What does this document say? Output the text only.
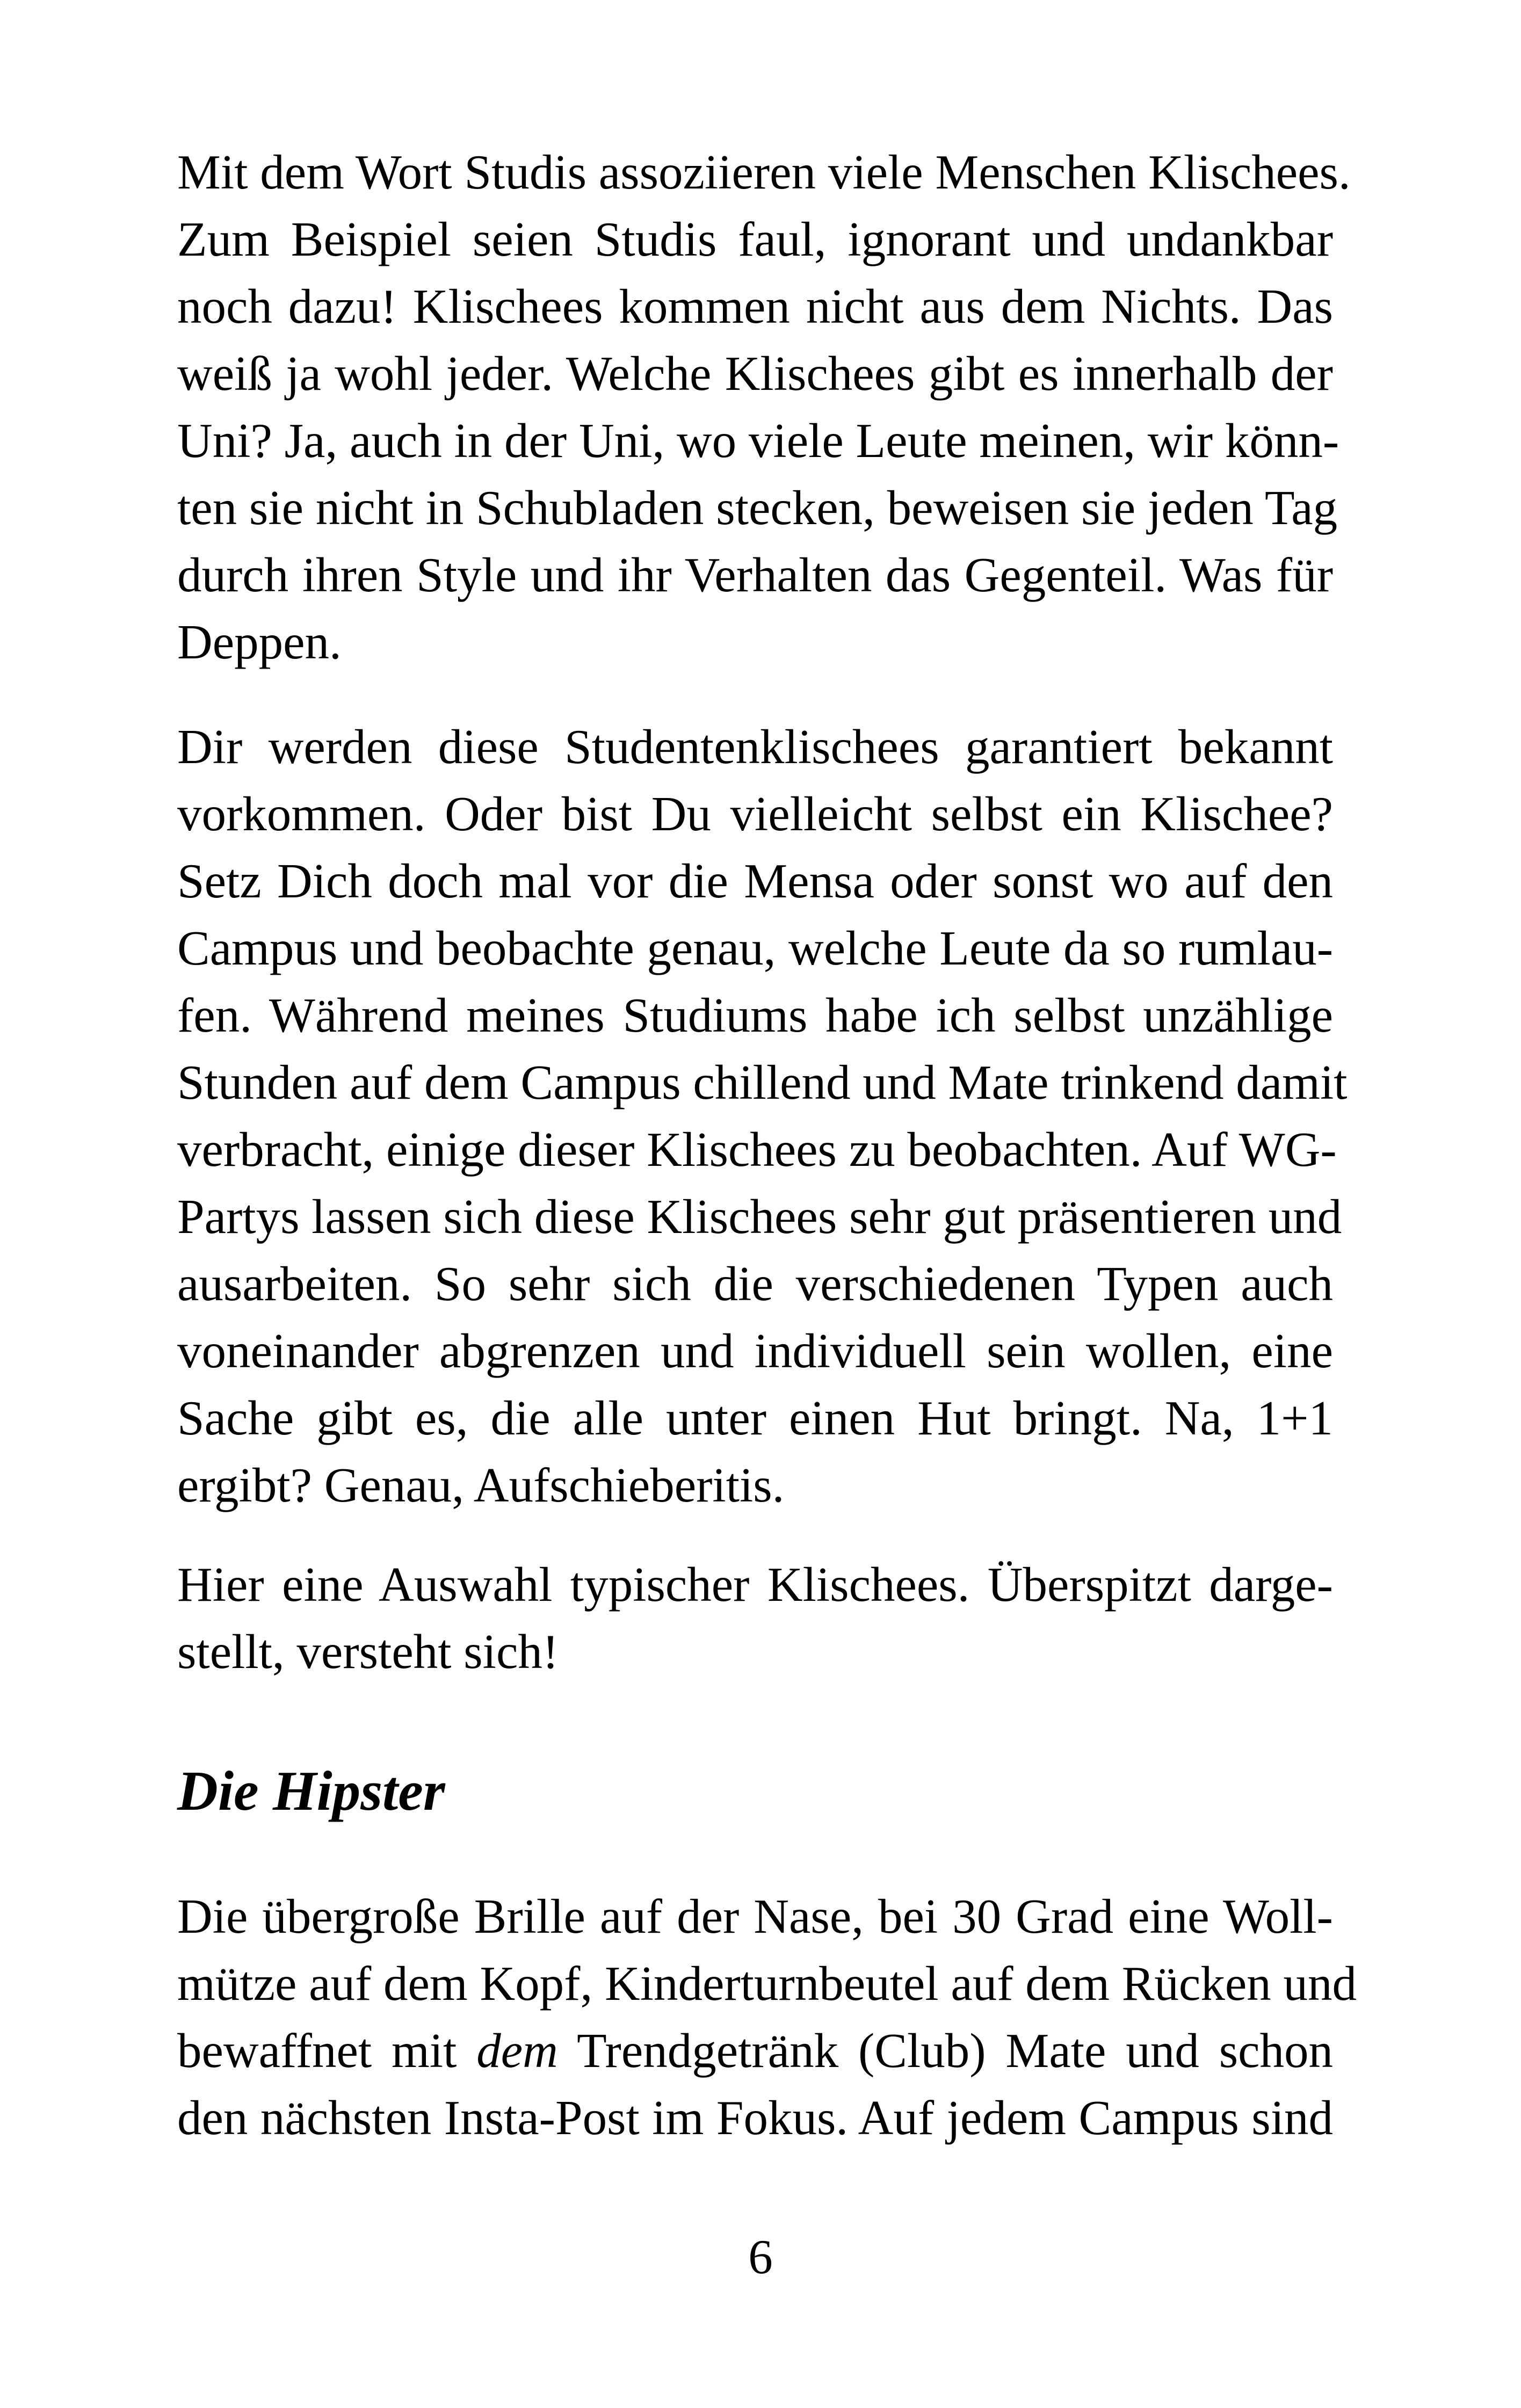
Mit dem Wort Studis assoziieren viele Menschen Klischees.
Zum Beispiel seien Studis faul, ignorant und undankbar
noch dazu! Klischees kommen nicht aus dem Nichts. Das
weiß ja wohl jeder. Welche Klischees gibt es innerhalb der
Uni? Ja, auch in der Uni, wo viele Leute meinen, wir könn-
ten sie nicht in Schubladen stecken, beweisen sie jeden Tag
durch ihren Style und ihr Verhalten das Gegenteil. Was für
Deppen.
Dir werden diese Studentenklischees garantiert bekannt
vorkommen. Oder bist Du vielleicht selbst ein Klischee?
Setz Dich doch mal vor die Mensa oder sonst wo auf den
Campus und beobachte genau, welche Leute da so rumlau-
fen. Während meines Studiums habe ich selbst unzählige
Stunden auf dem Campus chillend und Mate trinkend damit
verbracht, einige dieser Klischees zu beobachten. Auf WG-
Partys lassen sich diese Klischees sehr gut präsentieren und
ausarbeiten. So sehr sich die verschiedenen Typen auch
voneinander abgrenzen und individuell sein wollen, eine
Sache gibt es, die alle unter einen Hut bringt. Na, 1+1
ergibt? Genau, Aufschieberitis.
Hier eine Auswahl typischer Klischees. Überspitzt darge-
stellt, versteht sich!
Die Hipster
Die übergroße Brille auf der Nase, bei 30 Grad eine Woll-
mütze auf dem Kopf, Kinderturnbeutel auf dem Rücken und
bewaffnet mit dem Trendgetränk (Club) Mate und schon
den nächsten Insta-Post im Fokus. Auf jedem Campus sind
6
